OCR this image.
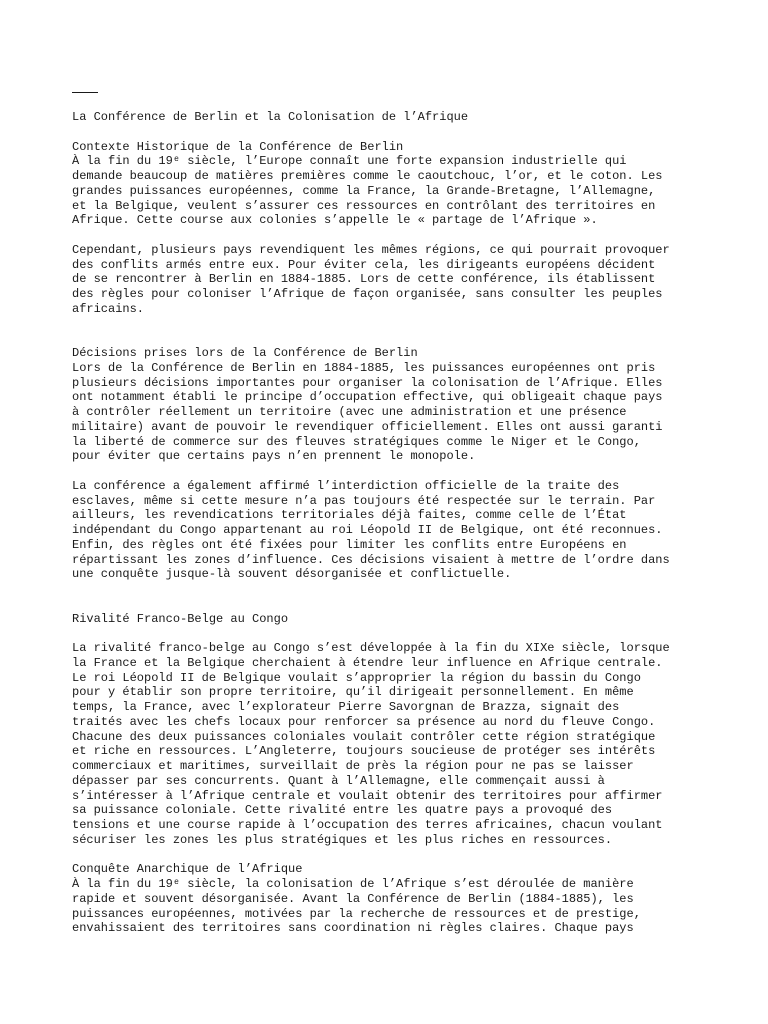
La Conférence de Berlin et la Colonisation de l’Afrique
Contexte Historique de la Conférence de Berlin
À la fin du 19ᵉ siècle, l’Europe connaît une forte expansion industrielle qui
demande beaucoup de matières premières comme le caoutchouc, l’or, et le coton. Les
grandes puissances européennes, comme la France, la Grande-Bretagne, l’Allemagne,
et la Belgique, veulent s’assurer ces ressources en contrôlant des territoires en
Afrique. Cette course aux colonies s’appelle le « partage de l’Afrique ».
Cependant, plusieurs pays revendiquent les mêmes régions, ce qui pourrait provoquer
des conflits armés entre eux. Pour éviter cela, les dirigeants européens décident
de se rencontrer à Berlin en 1884-1885. Lors de cette conférence, ils établissent
des règles pour coloniser l’Afrique de façon organisée, sans consulter les peuples
africains.
Décisions prises lors de la Conférence de Berlin
Lors de la Conférence de Berlin en 1884-1885, les puissances européennes ont pris
plusieurs décisions importantes pour organiser la colonisation de l’Afrique. Elles
ont notamment établi le principe d’occupation effective, qui obligeait chaque pays
à contrôler réellement un territoire (avec une administration et une présence
militaire) avant de pouvoir le revendiquer officiellement. Elles ont aussi garanti
la liberté de commerce sur des fleuves stratégiques comme le Niger et le Congo,
pour éviter que certains pays n’en prennent le monopole.
La conférence a également affirmé l’interdiction officielle de la traite des
esclaves, même si cette mesure n’a pas toujours été respectée sur le terrain. Par
ailleurs, les revendications territoriales déjà faites, comme celle de l’État
indépendant du Congo appartenant au roi Léopold II de Belgique, ont été reconnues.
Enfin, des règles ont été fixées pour limiter les conflits entre Européens en
répartissant les zones d’influence. Ces décisions visaient à mettre de l’ordre dans
une conquête jusque-là souvent désorganisée et conflictuelle.
Rivalité Franco-Belge au Congo
La rivalité franco-belge au Congo s’est développée à la fin du XIXe siècle, lorsque
la France et la Belgique cherchaient à étendre leur influence en Afrique centrale.
Le roi Léopold II de Belgique voulait s’approprier la région du bassin du Congo
pour y établir son propre territoire, qu’il dirigeait personnellement. En même
temps, la France, avec l’explorateur Pierre Savorgnan de Brazza, signait des
traités avec les chefs locaux pour renforcer sa présence au nord du fleuve Congo.
Chacune des deux puissances coloniales voulait contrôler cette région stratégique
et riche en ressources. L’Angleterre, toujours soucieuse de protéger ses intérêts
commerciaux et maritimes, surveillait de près la région pour ne pas se laisser
dépasser par ses concurrents. Quant à l’Allemagne, elle commençait aussi à
s’intéresser à l’Afrique centrale et voulait obtenir des territoires pour affirmer
sa puissance coloniale. Cette rivalité entre les quatre pays a provoqué des
tensions et une course rapide à l’occupation des terres africaines, chacun voulant
sécuriser les zones les plus stratégiques et les plus riches en ressources.
Conquête Anarchique de l’Afrique
À la fin du 19ᵉ siècle, la colonisation de l’Afrique s’est déroulée de manière
rapide et souvent désorganisée. Avant la Conférence de Berlin (1884-1885), les
puissances européennes, motivées par la recherche de ressources et de prestige,
envahissaient des territoires sans coordination ni règles claires. Chaque pays
